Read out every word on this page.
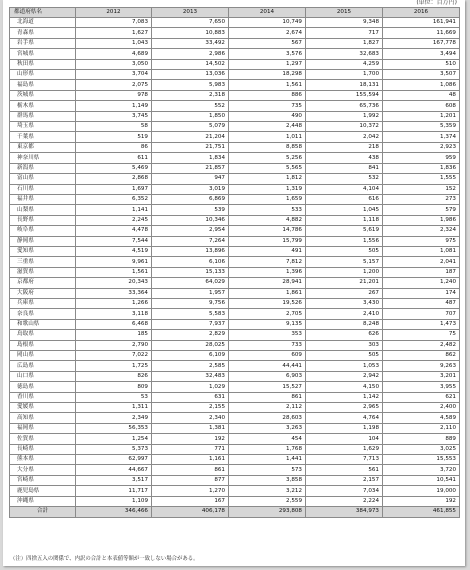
(単位：百万円)
都道府県名	2012	2013	2014	2015	2016
北海道	7,083	7,650	10,749	9,348	161,941
青森県	1,627	10,883	2,674	717	11,669
岩手県	1,043	33,492	567	1,827	167,778
宮城県	4,689	2,986	3,576	32,683	3,494
秋田県	3,050	14,502	1,297	4,259	510
山形県	3,704	13,036	18,298	1,700	3,507
福島県	2,075	5,983	1,561	18,131	1,086
茨城県	978	2,318	886	155,594	48
栃木県	1,149	552	735	65,736	608
群馬県	3,745	1,850	490	1,992	1,201
埼玉県	58	5,079	2,448	10,372	5,359
千葉県	519	21,204	1,011	2,042	1,374
東京都	86	21,751	8,858	218	2,923
神奈川県	611	1,834	5,256	438	959
新潟県	5,469	21,857	5,565	841	1,836
富山県	2,868	947	1,812	532	1,555
石川県	1,697	3,019	1,319	4,104	152
福井県	6,352	6,869	1,659	616	273
山梨県	1,141	539	533	1,045	579
長野県	2,245	10,346	4,882	1,118	1,986
岐阜県	4,478	2,954	14,786	5,619	2,324
静岡県	7,544	7,264	15,799	1,556	975
愛知県	4,519	13,896	491	505	1,081
三重県	9,961	6,106	7,812	5,157	2,041
滋賀県	1,561	15,133	1,396	1,200	187
京都府	20,343	64,029	28,941	21,201	1,240
大阪府	33,364	1,957	1,861	267	174
兵庫県	1,266	9,756	19,526	3,430	487
奈良県	3,118	5,583	2,705	2,410	707
和歌山県	6,468	7,937	9,135	8,248	1,473
鳥取県	185	2,829	353	626	75
島根県	2,790	28,025	733	303	2,482
岡山県	7,022	6,109	609	505	862
広島県	1,725	2,585	44,441	1,053	9,263
山口県	826	32,483	6,903	2,942	3,201
徳島県	809	1,029	15,527	4,150	3,955
香川県	53	631	861	1,142	621
愛媛県	1,311	2,155	2,112	2,965	2,400
高知県	2,349	2,340	28,603	4,764	4,589
福岡県	56,353	1,381	3,263	1,198	2,110
佐賀県	1,254	192	454	104	889
長崎県	5,373	771	1,768	1,629	3,025
熊本県	62,997	1,161	1,441	7,713	15,553
大分県	44,667	861	573	561	3,720
宮崎県	3,517	877	3,858	2,157	10,541
鹿児島県	11,717	1,270	3,212	7,034	19,000
沖縄県	1,109	167	2,559	2,224	192
合計	346,466	406,178	293,808	384,973	461,855
（注）四捨五入の関係で、内訳の合計と本表値等額が一致しない場合がある。
